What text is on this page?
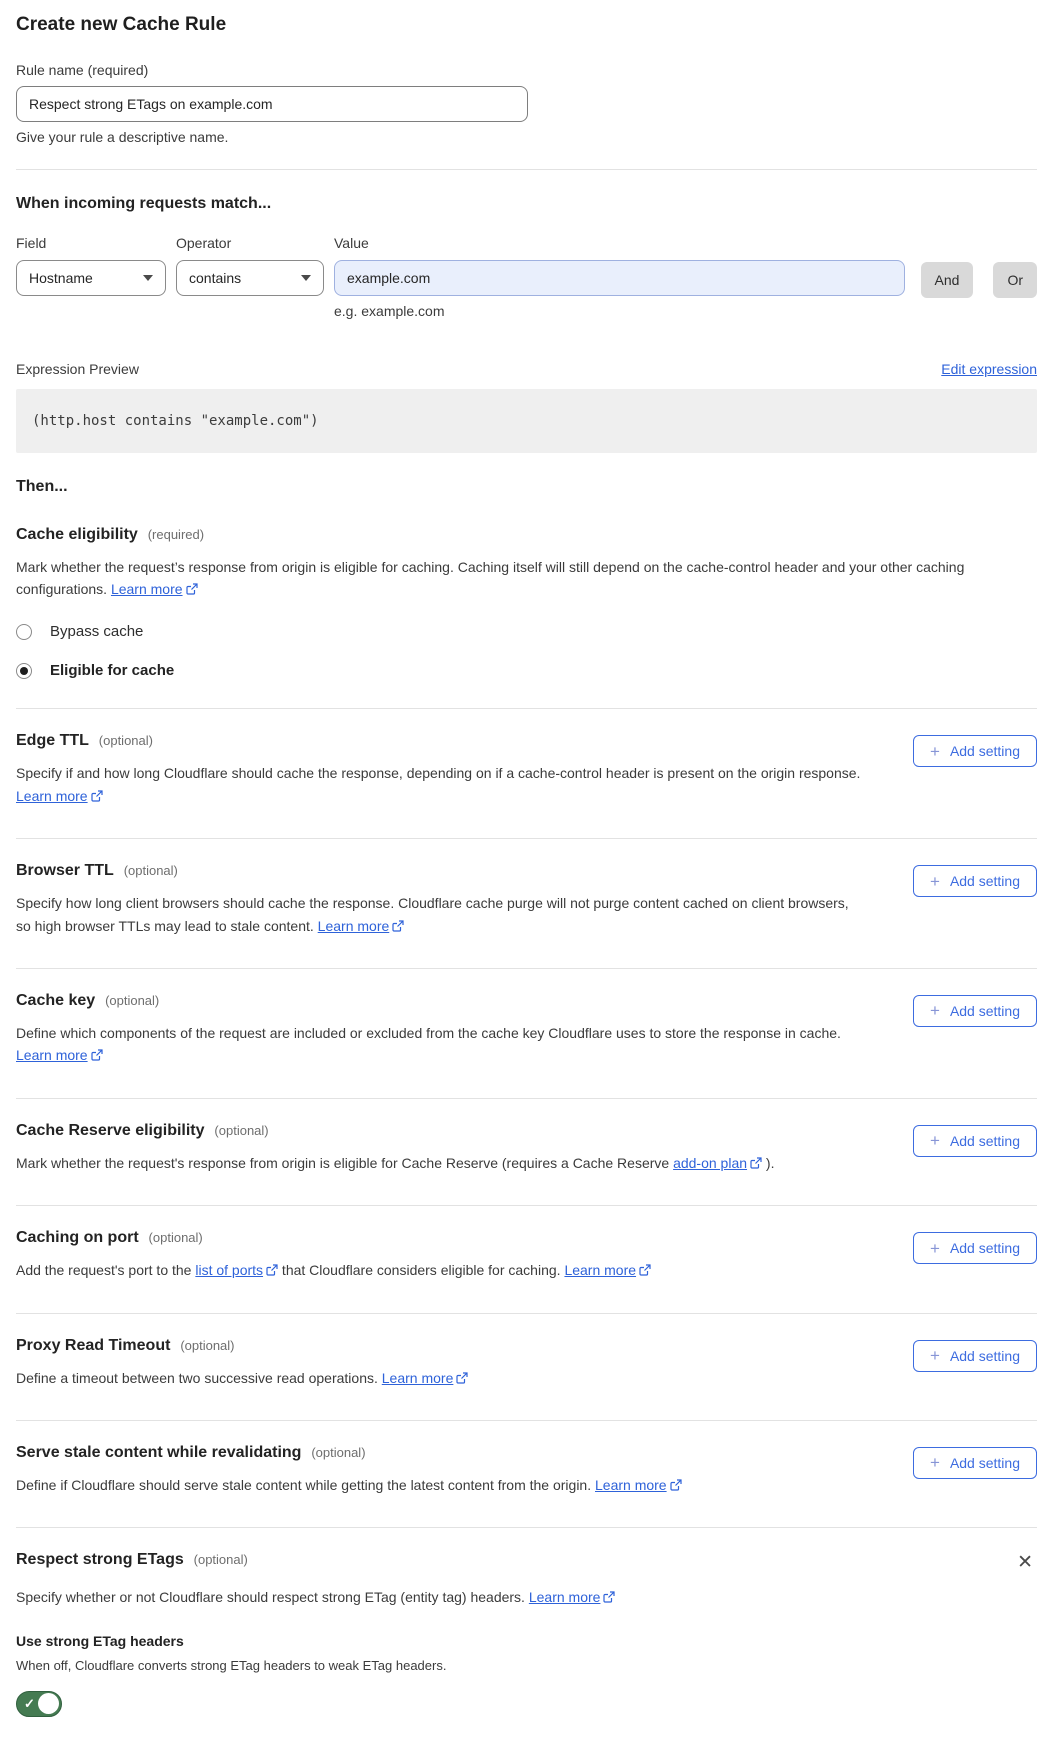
Create new Cache Rule
Rule name (required)
Respect strong ETags on example.com
Give your rule a descriptive name.
When incoming requests match...
Field
Hostname
Operator
contains
Value
example.com
e.g. example.com
And	Or
Expression Preview	Edit expression
(http.host contains "example.com")
Then...
Cache eligibility (required)

Mark whether the request’s response from origin is eligible for caching. Caching itself will still depend on the cache-control header and your other caching configurations. Learn more

Bypass cache
Eligible for cache
Edge TTL (optional)

Specify if and how long Cloudflare should cache the response, depending on if a cache-control header is present on the origin response. Learn more

+ Add setting
Browser TTL (optional)

Specify how long client browsers should cache the response. Cloudflare cache purge will not purge content cached on client browsers, so high browser TTLs may lead to stale content. Learn more

+ Add setting
Cache key (optional)

Define which components of the request are included or excluded from the cache key Cloudflare uses to store the response in cache. Learn more

+ Add setting
Cache Reserve eligibility (optional)

Mark whether the request's response from origin is eligible for Cache Reserve (requires a Cache Reserve add-on plan ).

+ Add setting
Caching on port (optional)

Add the request's port to the list of ports that Cloudflare considers eligible for caching. Learn more

+ Add setting
Proxy Read Timeout (optional)

Define a timeout between two successive read operations. Learn more

+ Add setting
Serve stale content while revalidating (optional)

Define if Cloudflare should serve stale content while getting the latest content from the origin. Learn more

+ Add setting
Respect strong ETags (optional)	✕

Specify whether or not Cloudflare should respect strong ETag (entity tag) headers. Learn more

Use strong ETag headers
When off, Cloudflare converts strong ETag headers to weak ETag headers.
✓
